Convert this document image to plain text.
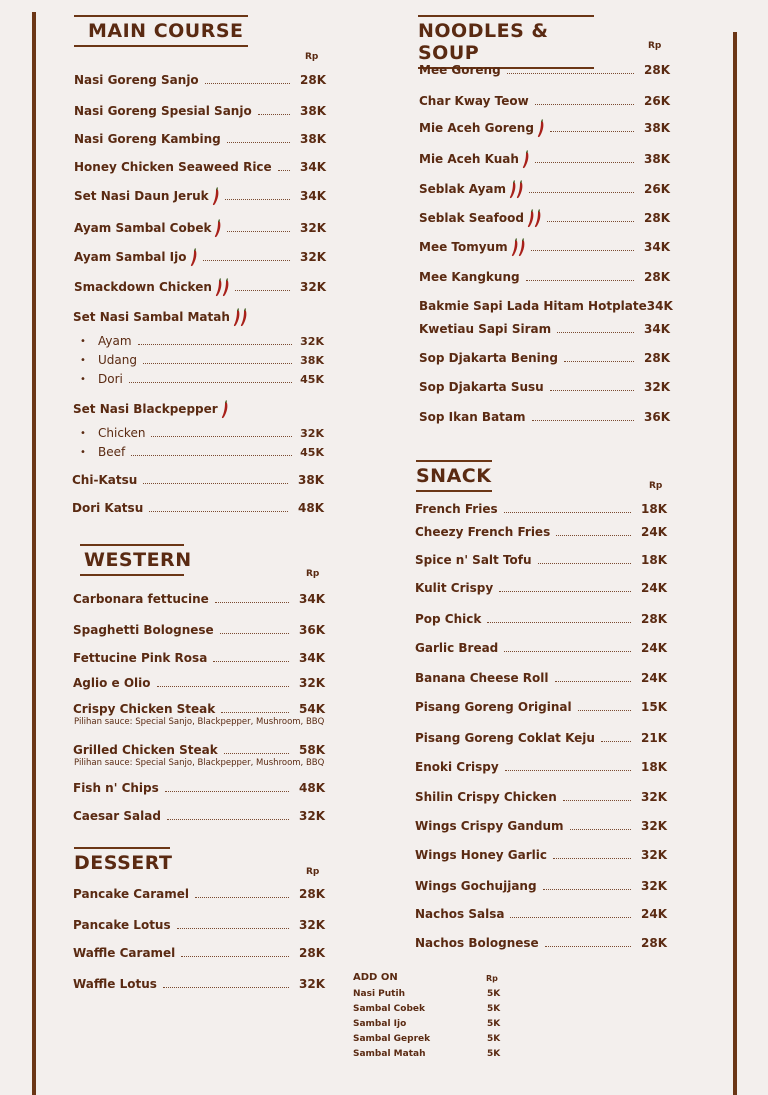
MAIN COURSE
Rp
NOODLES & SOUP	Rp
WESTERN
Rp
SNACK	Rp
DESSERT	Rp
ADD ON	Rp
Nasi Putih	5K
Sambal Cobek	5K
Sambal Ijo	5K
Sambal Geprek	5K
Sambal Matah	5K
Nasi Goreng Sanjo	28K
Nasi Goreng Spesial Sanjo	38K
Nasi Goreng Kambing	38K
Honey Chicken Seaweed Rice	34K
Set Nasi Daun Jeruk	34K
Ayam Sambal Cobek	32K
Ayam Sambal Ijo	32K
Smackdown Chicken	32K
Set Nasi Sambal Matah
•	Ayam	32K
•	Udang	38K
•	Dori	45K
Set Nasi Blackpepper
•	Chicken	32K
•	Beef	45K
Chi-Katsu	38K
Dori Katsu	48K
Carbonara fettucine	34K
Spaghetti Bolognese	36K
Fettucine Pink Rosa	34K
Aglio e Olio	32K
Crispy Chicken Steak	54K
Pilihan sauce: Special Sanjo, Blackpepper, Mushroom, BBQ
Grilled Chicken Steak	58K
Pilihan sauce: Special Sanjo, Blackpepper, Mushroom, BBQ
Fish n' Chips	48K
Caesar Salad	32K
Pancake Caramel	28K
Pancake Lotus	32K
Waffle Caramel	28K
Waffle Lotus	32K
Mee Goreng	28K
Char Kway Teow	26K
Mie Aceh Goreng	38K
Mie Aceh Kuah	38K
Seblak Ayam	26K
Seblak Seafood	28K
Mee Tomyum	34K
Mee Kangkung	28K
Bakmie Sapi Lada Hitam Hotplate 34K
Kwetiau Sapi Siram	34K
Sop Djakarta Bening	28K
Sop Djakarta Susu	32K
Sop Ikan Batam	36K
French Fries	18K
Cheezy French Fries	24K
Spice n' Salt Tofu	18K
Kulit Crispy	24K
Pop Chick	28K
Garlic Bread	24K
Banana Cheese Roll	24K
Pisang Goreng Original	15K
Pisang Goreng Coklat Keju	21K
Enoki Crispy	18K
Shilin Crispy Chicken	32K
Wings Crispy Gandum	32K
Wings Honey Garlic	32K
Wings Gochujjang	32K
Nachos Salsa	24K
Nachos Bolognese	28K
